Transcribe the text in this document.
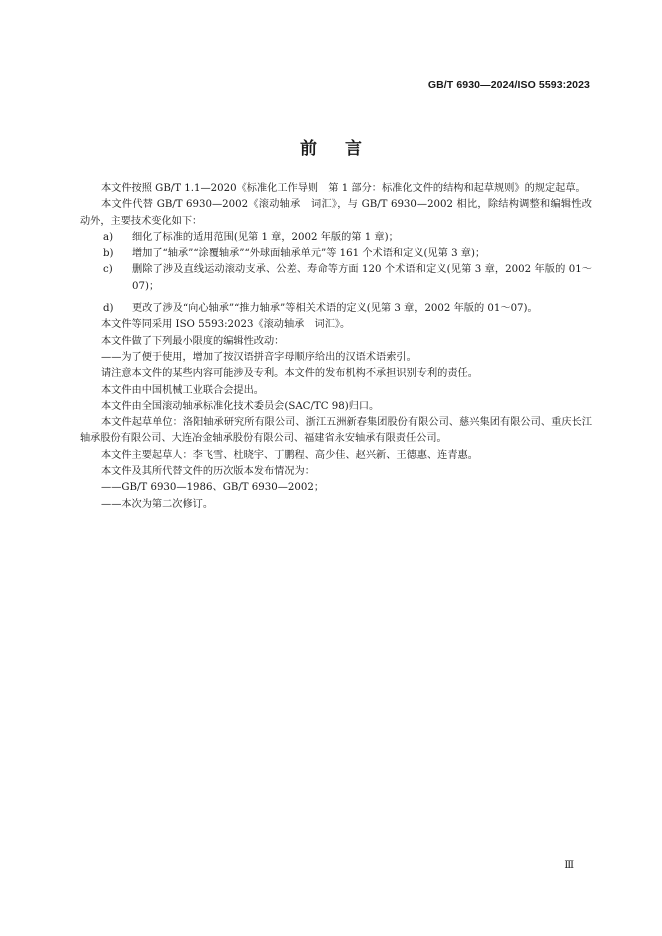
GB/T 6930—2024/ISO 5593:2023
前言

本文件按照 GB/T 1.1—2020《标准化工作导则　第 1 部分：标准化文件的结构和起草规则》的规定起草。

本文件代替 GB/T 6930—2002《滚动轴承　词汇》，与 GB/T 6930—2002 相比，除结构调整和编辑性改动外，主要技术变化如下：

a)	细化了标准的适用范围(见第 1 章，2002 年版的第 1 章)；
b)	增加了“轴承”“涂覆轴承”“外球面轴承单元”等 161 个术语和定义(见第 3 章)；
c)	删除了涉及直线运动滚动支承、公差、寿命等方面 120 个术语和定义(见第 3 章，2002 年版的 01～07)；
d)	更改了涉及“向心轴承”“推力轴承”等相关术语的定义(见第 3 章，2002 年版的 01～07)。

本文件等同采用 ISO 5593:2023《滚动轴承　词汇》。

本文件做了下列最小限度的编辑性改动：

——为了便于使用，增加了按汉语拼音字母顺序给出的汉语术语索引。

请注意本文件的某些内容可能涉及专利。本文件的发布机构不承担识别专利的责任。

本文件由中国机械工业联合会提出。

本文件由全国滚动轴承标准化技术委员会(SAC/TC 98)归口。

本文件起草单位：洛阳轴承研究所有限公司、浙江五洲新春集团股份有限公司、慈兴集团有限公司、重庆长江轴承股份有限公司、大连冶金轴承股份有限公司、福建省永安轴承有限责任公司。

本文件主要起草人：李飞雪、杜晓宇、丁鹏程、高少佳、赵兴新、王德惠、连青惠。

本文件及其所代替文件的历次版本发布情况为：

——GB/T 6930—1986、GB/T 6930—2002；

——本次为第二次修订。

Ⅲ
